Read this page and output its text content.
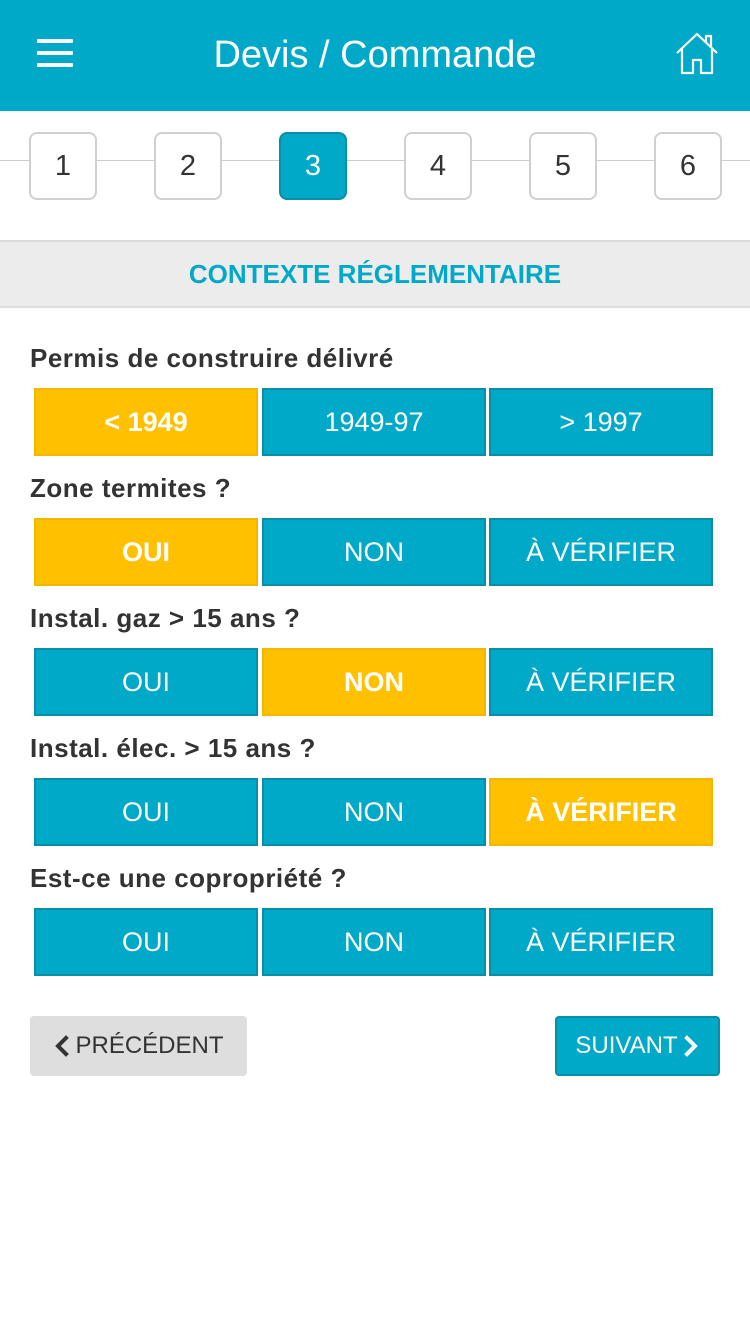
Devis / Commande
1	2	3	4	5	6
CONTEXTE RÉGLEMENTAIRE
Permis de construire délivré
< 1949	1949-97	> 1997
Zone termites ?
OUI	NON	À VÉRIFIER
Instal. gaz > 15 ans ?
OUI	NON	À VÉRIFIER
Instal. élec. > 15 ans ?
OUI	NON	À VÉRIFIER
Est-ce une copropriété ?
OUI	NON	À VÉRIFIER
PRÉCÉDENT	SUIVANT
